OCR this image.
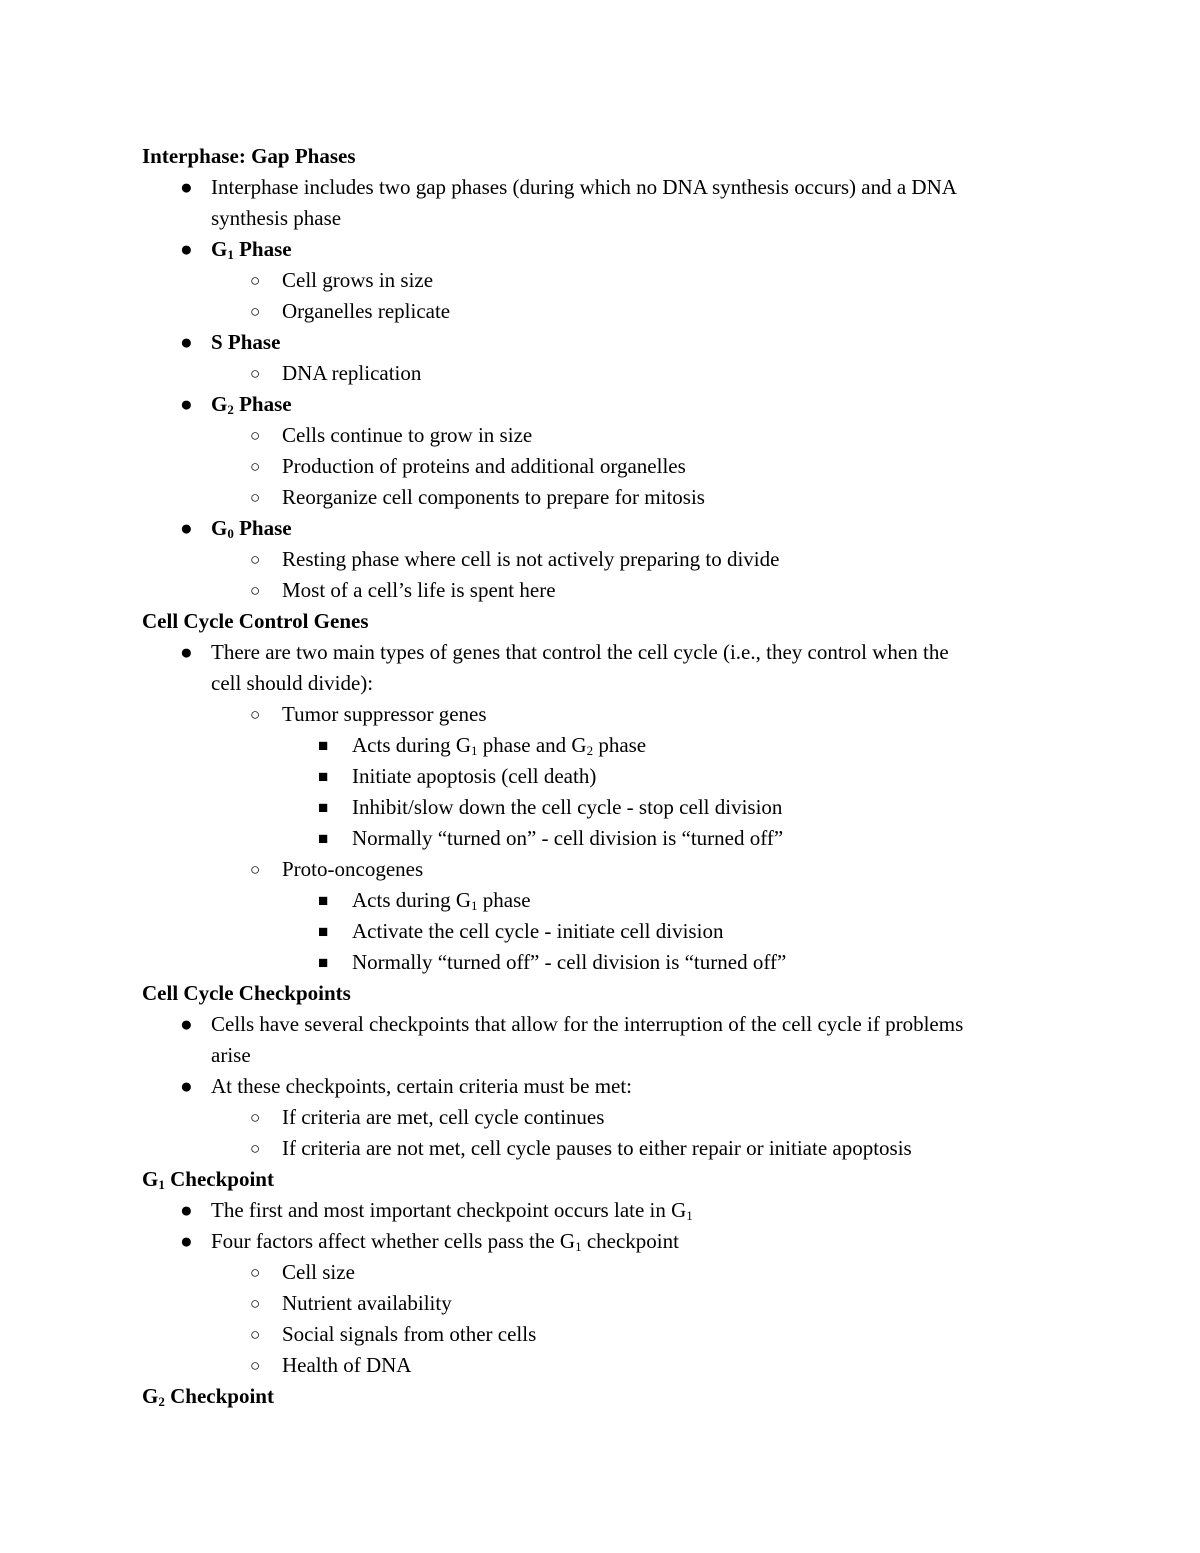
Interphase: Gap Phases
● Interphase includes two gap phases (during which no DNA synthesis occurs) and a DNA
synthesis phase
● $G_1$ Phase
○ Cell grows in size
○ Organelles replicate
● S Phase
○ DNA replication
● $G_2$ Phase
○ Cells continue to grow in size
○ Production of proteins and additional organelles
○ Reorganize cell components to prepare for mitosis
● $G_0$ Phase
○ Resting phase where cell is not actively preparing to divide
○ Most of a cell’s life is spent here
Cell Cycle Control Genes
● There are two main types of genes that control the cell cycle (i.e., they control when the
cell should divide):
○ Tumor suppressor genes
■ Acts during $G_1$ phase and $G_2$ phase
■ Initiate apoptosis (cell death)
■ Inhibit/slow down the cell cycle - stop cell division
■ Normally “turned on” - cell division is “turned off”
○ Proto-oncogenes
■ Acts during $G_1$ phase
■ Activate the cell cycle - initiate cell division
■ Normally “turned off” - cell division is “turned off”
Cell Cycle Checkpoints
● Cells have several checkpoints that allow for the interruption of the cell cycle if problems
arise
● At these checkpoints, certain criteria must be met:
○ If criteria are met, cell cycle continues
○ If criteria are not met, cell cycle pauses to either repair or initiate apoptosis
$G_1$ Checkpoint
● The first and most important checkpoint occurs late in $G_1$
● Four factors affect whether cells pass the $G_1$ checkpoint
○ Cell size
○ Nutrient availability
○ Social signals from other cells
○ Health of DNA
$G_2$ Checkpoint
